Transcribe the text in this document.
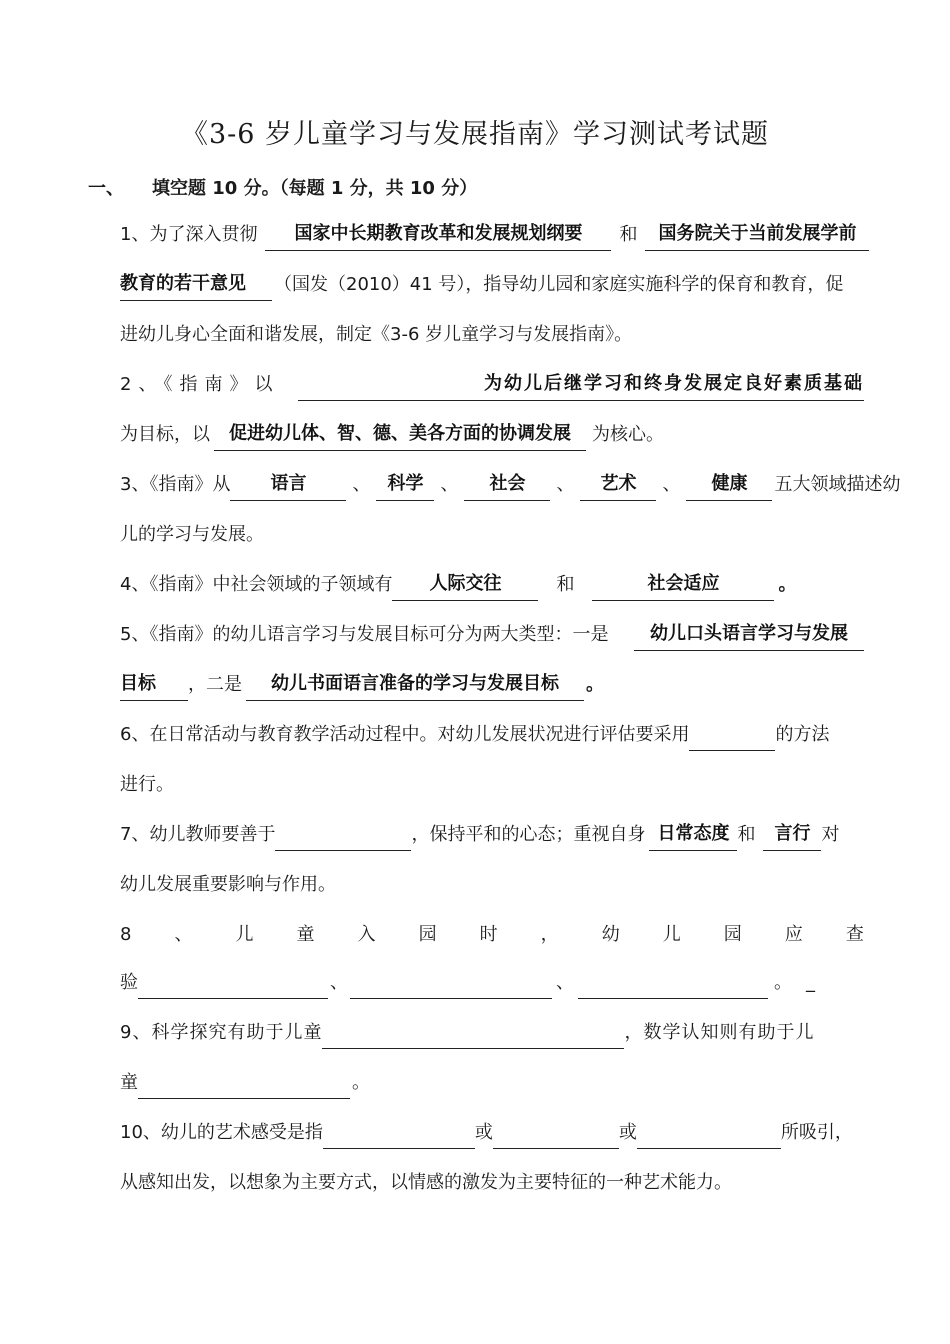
《3-6 岁儿童学习与发展指南》学习测试考试题
一、 填空题 10 分。（每题 1 分，共 10 分）
1、为了深入贯彻 国家中长期教育改革和发展规划纲要 和 国务院关于当前发展学前
教育的若干意见 （国发（2010）41 号），指导幼儿园和家庭实施科学的保育和教育，促
进幼儿身心全面和谐发展，制定《3-6 岁儿童学习与发展指南》。
2、《指南》以	为幼儿后继学习和终身发展定良好素质基础
为目标，以 促进幼儿体、智、德、美各方面的协调发展 为核心。
3、《指南》从 语言	、 科学 、 社会 、 艺术 、 健康 五大领域描述幼
儿的学习与发展。
4、《指南》中社会领域的子领域有 人际交往	和	社会适应	。
5、《指南》的幼儿语言学习与发展目标可分为两大类型：一是	幼儿口头语言学习与发展
目标 ，二是 幼儿书面语言准备的学习与发展目标 。
6、在日常活动与教育教学活动过程中。对幼儿发展状况进行评估要采用	的方法
进行。
7、幼儿教师要善于	，保持平和的心态；重视自身 日常态度 和 言行 对
幼儿发展重要影响与作用。
8 、 儿 童 入 园 时 ， 幼 儿 园 应 查
验	、	、	。 _
9、科学探究有助于儿童	，数学认知则有助于儿
童	。
10、幼儿的艺术感受是指	或	或	所吸引，
从感知出发，以想象为主要方式，以情感的激发为主要特征的一种艺术能力。
